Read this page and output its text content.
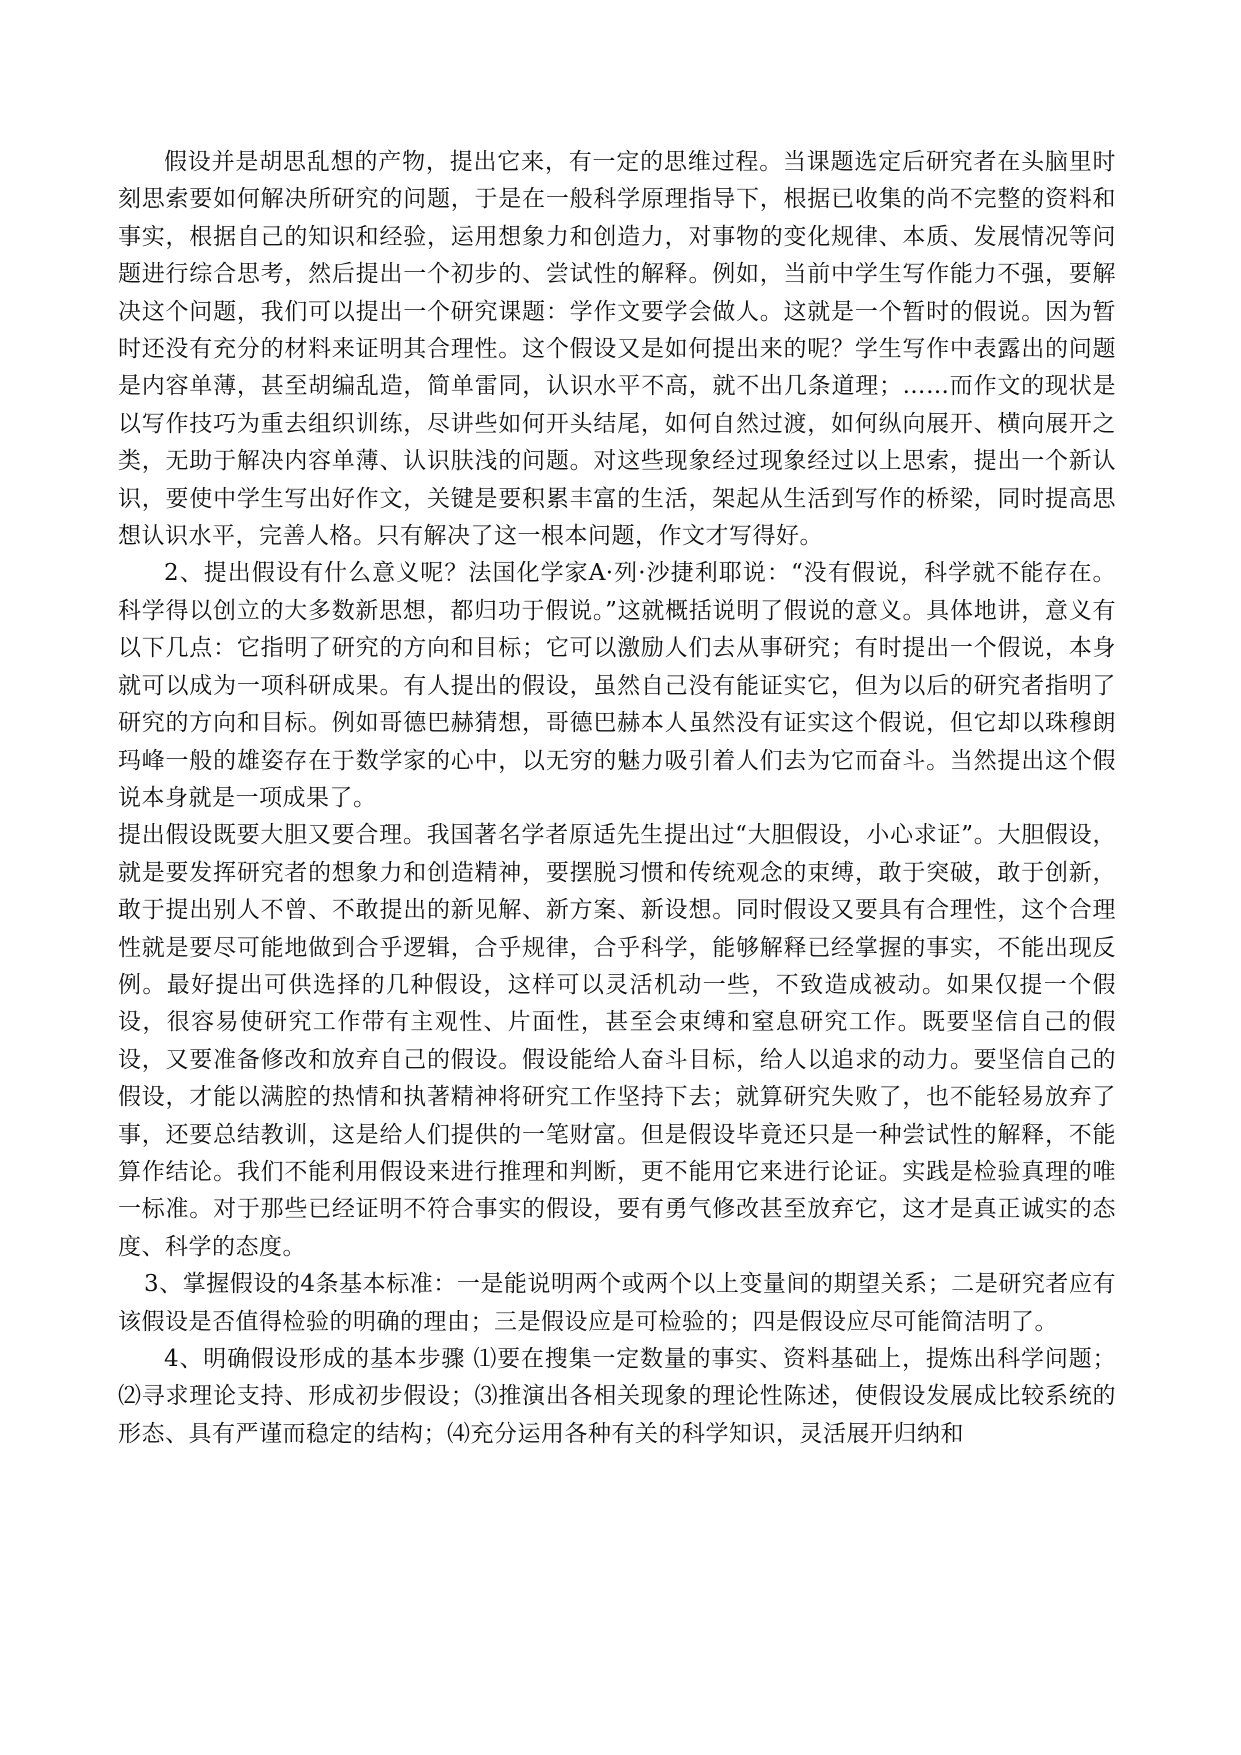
假设并是胡思乱想的产物，提出它来，有一定的思维过程。当课题选定后研究者在头脑里时刻思索要如何解决所研究的问题，于是在一般科学原理指导下，根据已收集的尚不完整的资料和事实，根据自己的知识和经验，运用想象力和创造力，对事物的变化规律、本质、发展情况等问题进行综合思考，然后提出一个初步的、尝试性的解释。例如，当前中学生写作能力不强，要解决这个问题，我们可以提出一个研究课题：学作文要学会做人。这就是一个暂时的假说。因为暂时还没有充分的材料来证明其合理性。这个假设又是如何提出来的呢？学生写作中表露出的问题是内容单薄，甚至胡编乱造，简单雷同，认识水平不高，就不出几条道理；……而作文的现状是以写作技巧为重去组织训练，尽讲些如何开头结尾，如何自然过渡，如何纵向展开、横向展开之类，无助于解决内容单薄、认识肤浅的问题。对这些现象经过现象经过以上思索，提出一个新认识，要使中学生写出好作文，关键是要积累丰富的生活，架起从生活到写作的桥梁，同时提高思想认识水平，完善人格。只有解决了这一根本问题，作文才写得好。

2、提出假设有什么意义呢？法国化学家A·列·沙捷利耶说：“没有假说，科学就不能存在。科学得以创立的大多数新思想，都归功于假说。”这就概括说明了假说的意义。具体地讲，意义有以下几点：它指明了研究的方向和目标；它可以激励人们去从事研究；有时提出一个假说，本身就可以成为一项科研成果。有人提出的假设，虽然自己没有能证实它，但为以后的研究者指明了研究的方向和目标。例如哥德巴赫猜想，哥德巴赫本人虽然没有证实这个假说，但它却以珠穆朗玛峰一般的雄姿存在于数学家的心中，以无穷的魅力吸引着人们去为它而奋斗。当然提出这个假说本身就是一项成果了。

提出假设既要大胆又要合理。我国著名学者原适先生提出过“大胆假设，小心求证”。大胆假设，就是要发挥研究者的想象力和创造精神，要摆脱习惯和传统观念的束缚，敢于突破，敢于创新，敢于提出别人不曾、不敢提出的新见解、新方案、新设想。同时假设又要具有合理性，这个合理性就是要尽可能地做到合乎逻辑，合乎规律，合乎科学，能够解释已经掌握的事实，不能出现反例。最好提出可供选择的几种假设，这样可以灵活机动一些，不致造成被动。如果仅提一个假设，很容易使研究工作带有主观性、片面性，甚至会束缚和窒息研究工作。既要坚信自己的假设，又要准备修改和放弃自己的假设。假设能给人奋斗目标，给人以追求的动力。要坚信自己的假设，才能以满腔的热情和执著精神将研究工作坚持下去；就算研究失败了，也不能轻易放弃了事，还要总结教训，这是给人们提供的一笔财富。但是假设毕竟还只是一种尝试性的解释，不能算作结论。我们不能利用假设来进行推理和判断，更不能用它来进行论证。实践是检验真理的唯一标准。对于那些已经证明不符合事实的假设，要有勇气修改甚至放弃它，这才是真正诚实的态度、科学的态度。

3、掌握假设的4条基本标准：一是能说明两个或两个以上变量间的期望关系；二是研究者应有该假设是否值得检验的明确的理由；三是假设应是可检验的；四是假设应尽可能简洁明了。

4、明确假设形成的基本步骤 ⑴要在搜集一定数量的事实、资料基础上，提炼出科学问题；⑵寻求理论支持、形成初步假设；⑶推演出各相关现象的理论性陈述，使假设发展成比较系统的形态、具有严谨而稳定的结构；⑷充分运用各种有关的科学知识，灵活展开归纳和
